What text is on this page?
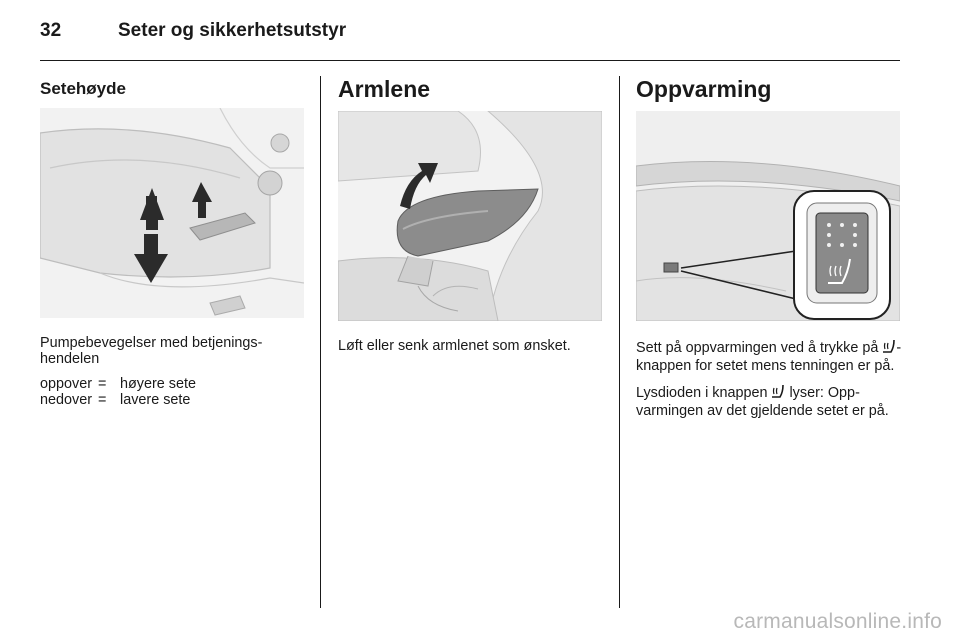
32	Seter og sikkerhetsutstyr
Setehøyde

Pumpebevegelser med betjeningshendelen

oppover = høyere sete
nedover = lavere sete
Armlene

Løft eller senk armlenet som ønsket.

Oppvarming

Sett på oppvarmingen ved å trykke på -knappen for setet mens tenningen er på.

Lysdioden i knappen  lyser: Oppvarmingen av det gjeldende setet er på.

carmanualsonline.info
